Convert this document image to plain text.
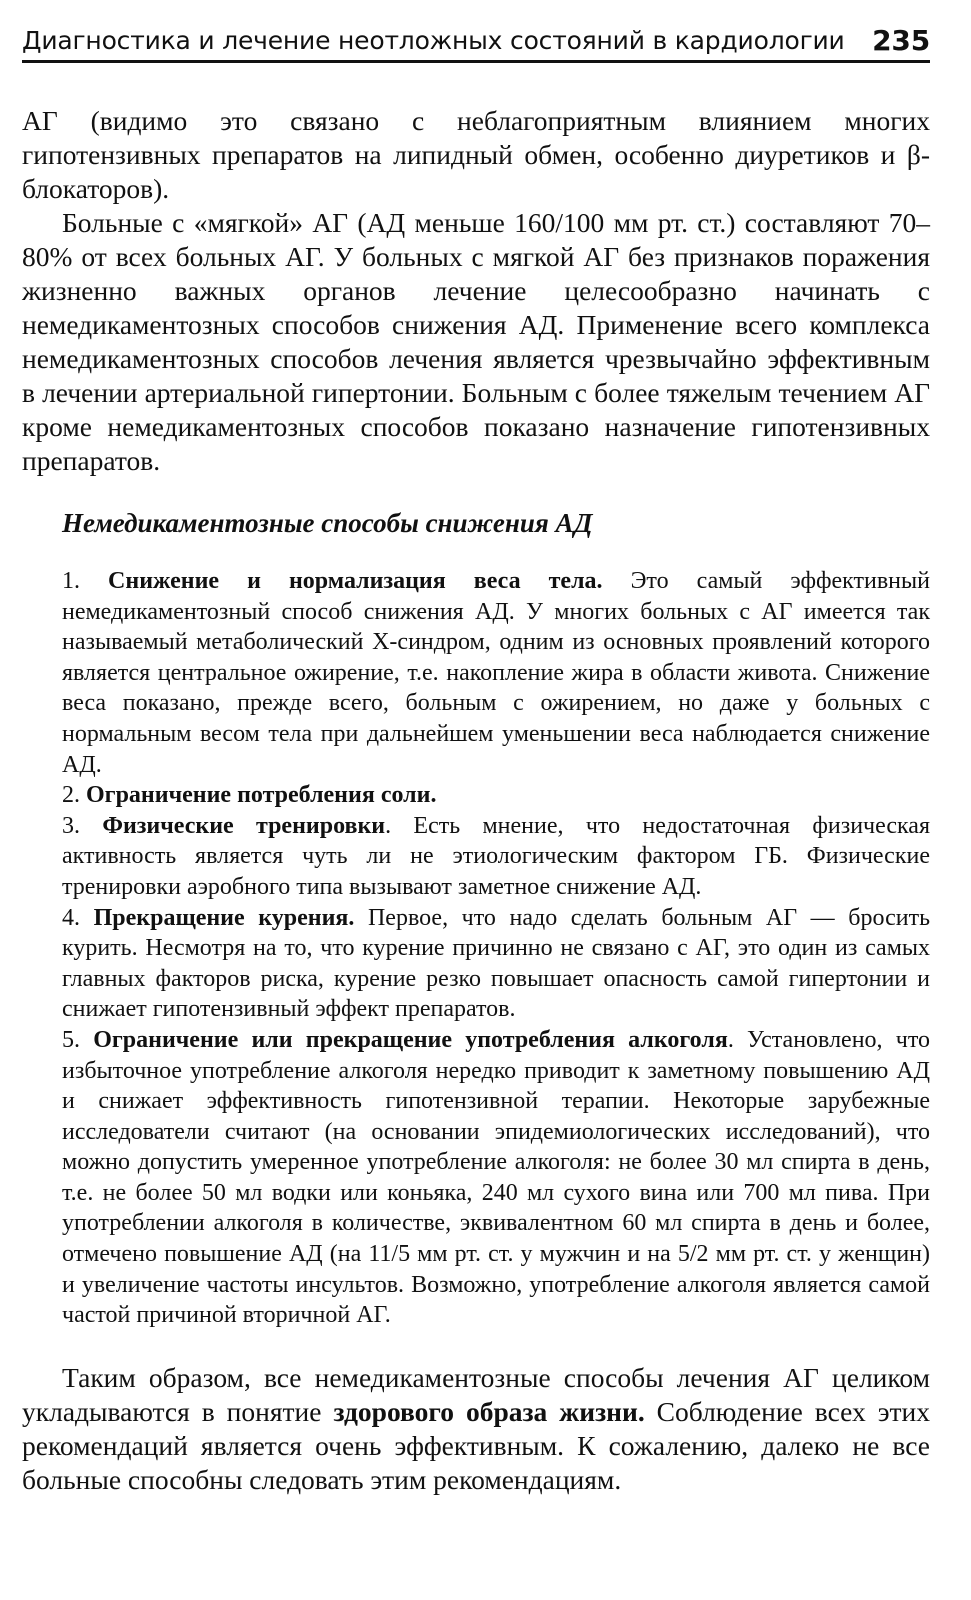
Диагностика и лечение неотложных состояний в кардиологии 235

АГ (видимо это связано с неблагоприятным влиянием многих гипотензивных препаратов на липидный обмен, особенно диуретиков и β-блокаторов).

Больные с «мягкой» АГ (АД меньше 160/100 мм рт. ст.) составляют 70–80% от всех больных АГ. У больных с мягкой АГ без признаков поражения жизненно важных органов лечение целесообразно начинать с немедикаментозных способов снижения АД. Применение всего комплекса немедикаментозных способов лечения является чрезвычайно эффективным в лечении артериальной гипертонии. Больным с более тяжелым течением АГ кроме немедикаментозных способов показано назначение гипотензивных препаратов.

Немедикаментозные способы снижения АД

1. Снижение и нормализация веса тела. Это самый эффективный немедикаментозный способ снижения АД. У многих больных с АГ имеется так называемый метаболический Х-синдром, одним из основных проявлений которого является центральное ожирение, т.е. накопление жира в области живота. Снижение веса показано, прежде всего, больным с ожирением, но даже у больных с нормальным весом тела при дальнейшем уменьшении веса наблюдается снижение АД.

2. Ограничение потребления соли.

3. Физические тренировки. Есть мнение, что недостаточная физическая активность является чуть ли не этиологическим фактором ГБ. Физические тренировки аэробного типа вызывают заметное снижение АД.

4. Прекращение курения. Первое, что надо сделать больным АГ — бросить курить. Несмотря на то, что курение причинно не связано с АГ, это один из самых главных факторов риска, курение резко повышает опасность самой гипертонии и снижает гипотензивный эффект препаратов.

5. Ограничение или прекращение употребления алкоголя. Установлено, что избыточное употребление алкоголя нередко приводит к заметному повышению АД и снижает эффективность гипотензивной терапии. Некоторые зарубежные исследователи считают (на основании эпидемиологических исследований), что можно допустить умеренное употребление алкоголя: не более 30 мл спирта в день, т.е. не более 50 мл водки или коньяка, 240 мл сухого вина или 700 мл пива. При употреблении алкоголя в количестве, эквивалентном 60 мл спирта в день и более, отмечено повышение АД (на 11/5 мм рт. ст. у мужчин и на 5/2 мм рт. ст. у женщин) и увеличение частоты инсультов. Возможно, употребление алкоголя является самой частой причиной вторичной АГ.

Таким образом, все немедикаментозные способы лечения АГ целиком укладываются в понятие здорового образа жизни. Соблюдение всех этих рекомендаций является очень эффективным. К сожалению, далеко не все больные способны следовать этим рекомендациям.
